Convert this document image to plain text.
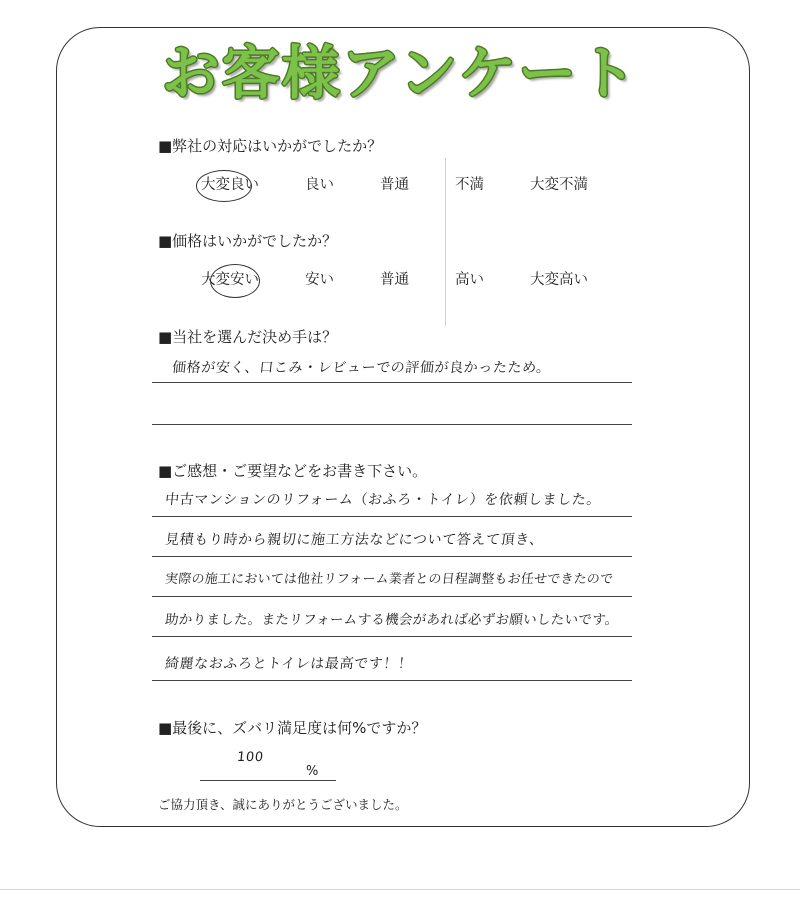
お客様アンケート
■弊社の対応はいかがでしたか？
大変良い	良い	普通	不満	大変不満
■価格はいかがでしたか？
大変安い	安い	普通	高い	大変高い
■当社を選んだ決め手は？
価格が安く、口こみ・レビューでの評価が良かったため。
■ご感想・ご要望などをお書き下さい。
中古マンションのリフォーム（おふろ・トイレ）を依頼しました。
見積もり時から親切に施工方法などについて答えて頂き、
実際の施工においては他社リフォーム業者との日程調整もお任せできたので
助かりました。またリフォームする機会があれば必ずお願いしたいです。
綺麗なおふろとトイレは最高です！！
■最後に、ズバリ満足度は何%ですか？
100
%
ご協力頂き、誠にありがとうございました。
